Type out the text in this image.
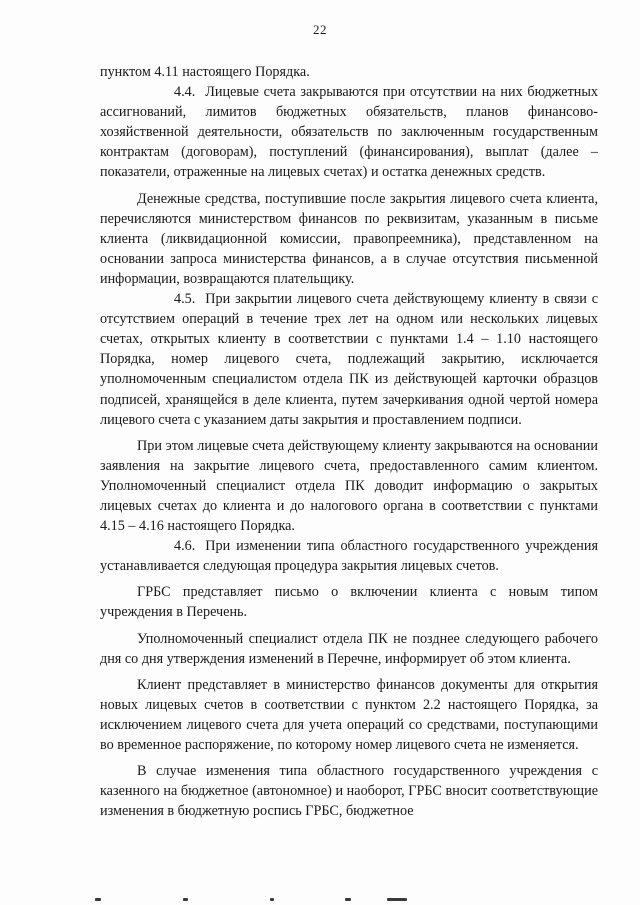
22

пунктом 4.11 настоящего Порядка.

4.4. Лицевые счета закрываются при отсутствии на них бюджетных ассигнований, лимитов бюджетных обязательств, планов финансово-хозяйственной деятельности, обязательств по заключенным государственным контрактам (договорам), поступлений (финансирования), выплат (далее – показатели, отраженные на лицевых счетах) и остатка денежных средств.

Денежные средства, поступившие после закрытия лицевого счета клиента, перечисляются министерством финансов по реквизитам, указанным в письме клиента (ликвидационной комиссии, правопреемника), представленном на основании запроса министерства финансов, а в случае отсутствия письменной информации, возвращаются плательщику.

4.5. При закрытии лицевого счета действующему клиенту в связи с отсутствием операций в течение трех лет на одном или нескольких лицевых счетах, открытых клиенту в соответствии с пунктами 1.4 – 1.10 настоящего Порядка, номер лицевого счета, подлежащий закрытию, исключается уполномоченным специалистом отдела ПК из действующей карточки образцов подписей, хранящейся в деле клиента, путем зачеркивания одной чертой номера лицевого счета с указанием даты закрытия и проставлением подписи.

При этом лицевые счета действующему клиенту закрываются на основании заявления на закрытие лицевого счета, предоставленного самим клиентом. Уполномоченный специалист отдела ПК доводит информацию о закрытых лицевых счетах до клиента и до налогового органа в соответствии с пунктами 4.15 – 4.16 настоящего Порядка.

4.6. При изменении типа областного государственного учреждения устанавливается следующая процедура закрытия лицевых счетов.

ГРБС представляет письмо о включении клиента с новым типом учреждения в Перечень.

Уполномоченный специалист отдела ПК не позднее следующего рабочего дня со дня утверждения изменений в Перечне, информирует об этом клиента.

Клиент представляет в министерство финансов документы для открытия новых лицевых счетов в соответствии с пунктом 2.2 настоящего Порядка, за исключением лицевого счета для учета операций со средствами, поступающими во временное распоряжение, по которому номер лицевого счета не изменяется.

В случае изменения типа областного государственного учреждения с казенного на бюджетное (автономное) и наоборот, ГРБС вносит соответствующие изменения в бюджетную роспись ГРБС, бюджетное
